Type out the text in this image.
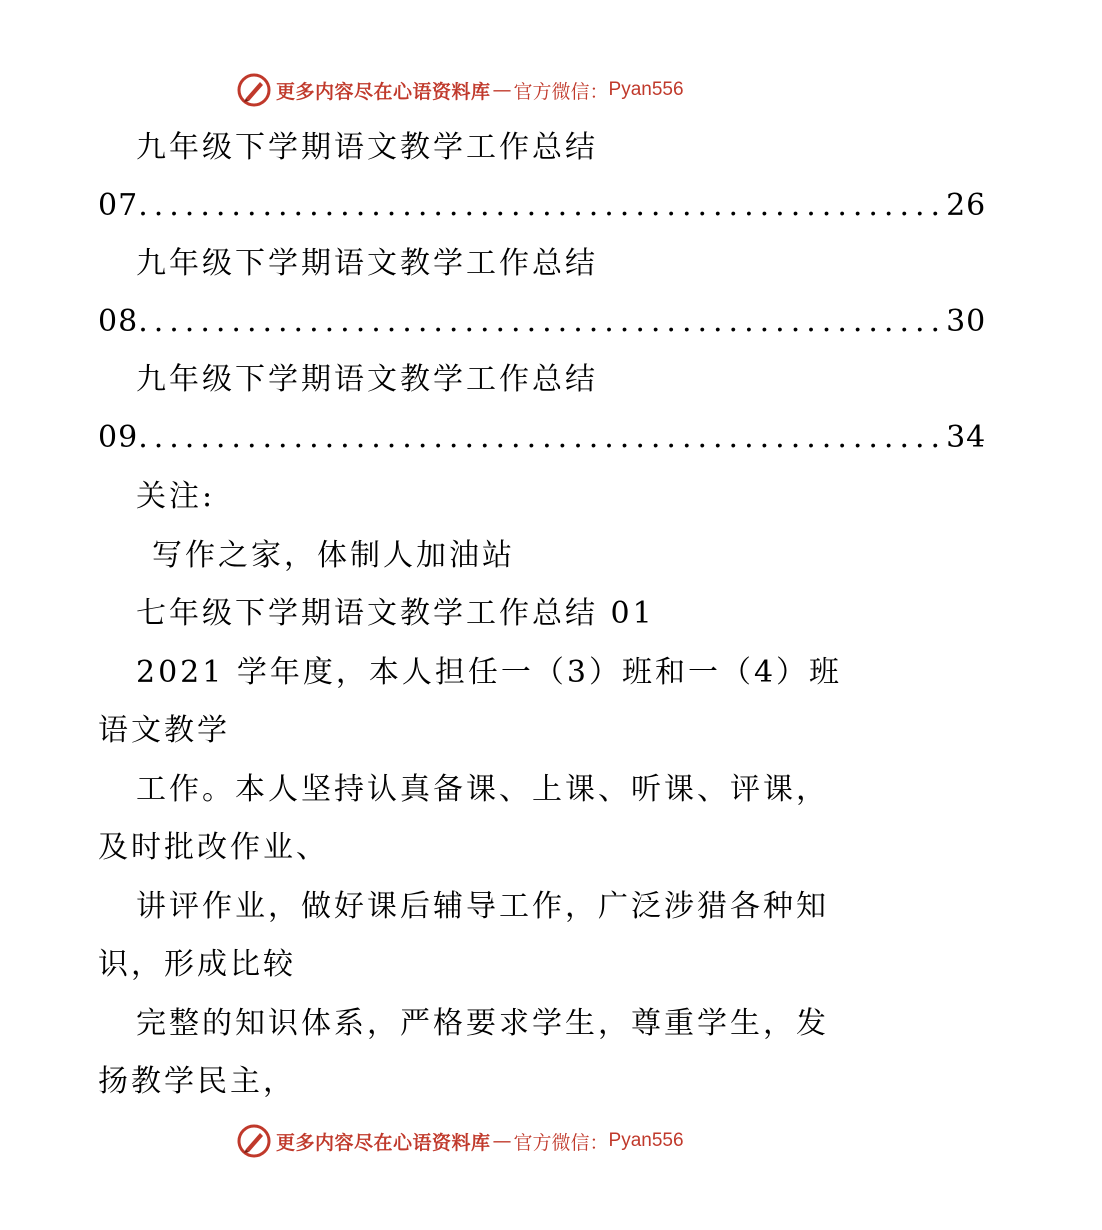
更多内容尽在心语资料库 — 官方微信： Pyan556
九年级下学期语文教学工作总结
07 .................................................... 26
九年级下学期语文教学工作总结
08 .................................................... 30
九年级下学期语文教学工作总结
09 .................................................... 34
关注:
写作之家，体制人加油站
七年级下学期语文教学工作总结 01
2021 学年度，本人担任一（3）班和一（4）班
语文教学
工作。本人坚持认真备课、上课、听课、评课，
及时批改作业、
讲评作业，做好课后辅导工作，广泛涉猎各种知
识，形成比较
完整的知识体系，严格要求学生，尊重学生，发
扬教学民主，
更多内容尽在心语资料库 — 官方微信： Pyan556
